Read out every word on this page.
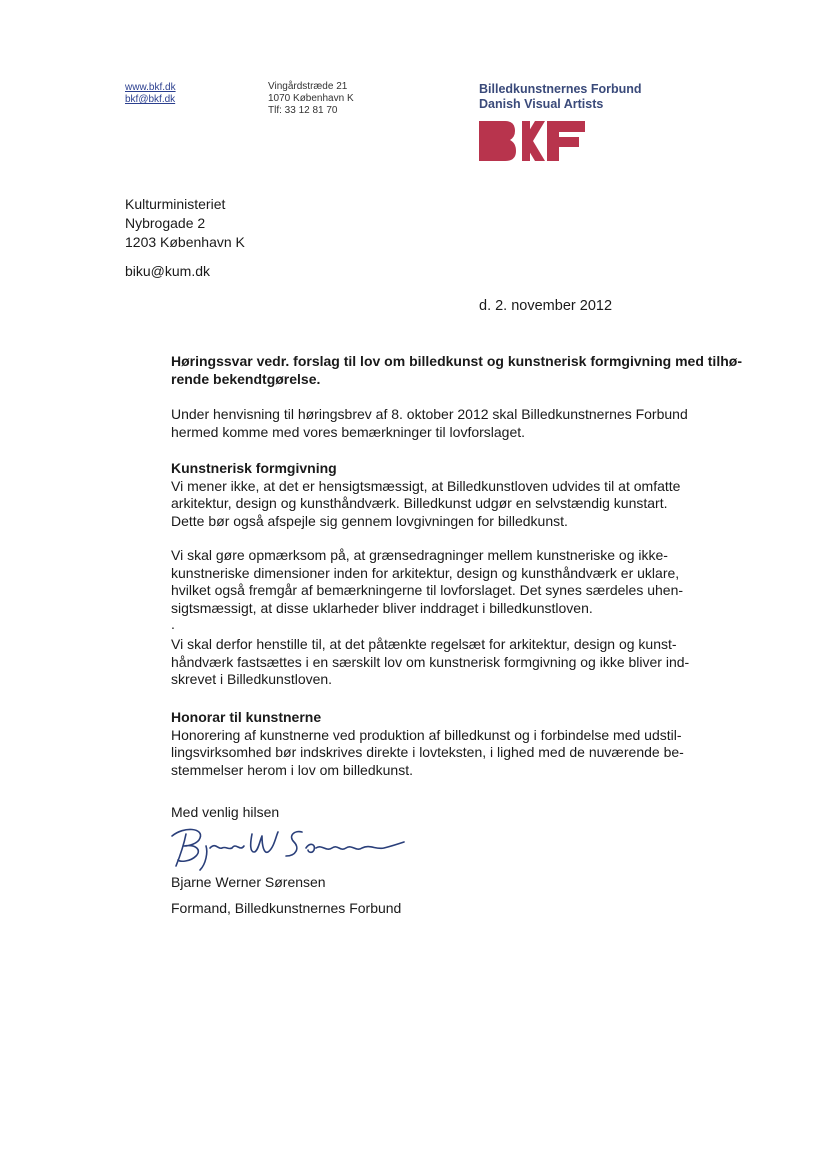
www.bkf.dk
bkf@bkf.dk
Vingårdstræde 21
1070 København K
Tlf: 33 12 81 70
Billedkunstnernes Forbund
Danish Visual Artists
Kulturministeriet
Nybrogade 2
1203 København K
biku@kum.dk
d. 2. november 2012
Høringssvar vedr. forslag til lov om billedkunst og kunstnerisk formgivning med tilhø-
rende bekendtgørelse.
Under henvisning til høringsbrev af 8. oktober 2012 skal Billedkunstnernes Forbund
hermed komme med vores bemærkninger til lovforslaget.
Kunstnerisk formgivning
Vi mener ikke, at det er hensigtsmæssigt, at Billedkunstloven udvides til at omfatte
arkitektur, design og kunsthåndværk. Billedkunst udgør en selvstændig kunstart.
Dette bør også afspejle sig gennem lovgivningen for billedkunst.
Vi skal gøre opmærksom på, at grænsedragninger mellem kunstneriske og ikke-
kunstneriske dimensioner inden for arkitektur, design og kunsthåndværk er uklare,
hvilket også fremgår af bemærkningerne til lovforslaget. Det synes særdeles uhen-
sigtsmæssigt, at disse uklarheder bliver inddraget i billedkunstloven.
.
Vi skal derfor henstille til, at det påtænkte regelsæt for arkitektur, design og kunst-
håndværk fastsættes i en særskilt lov om kunstnerisk formgivning og ikke bliver ind-
skrevet i Billedkunstloven.
Honorar til kunstnerne
Honorering af kunstnerne ved produktion af billedkunst og i forbindelse med udstil-
lingsvirksomhed bør indskrives direkte i lovteksten, i lighed med de nuværende be-
stemmelser herom i lov om billedkunst.
Med venlig hilsen
Bjarne Werner Sørensen
Formand, Billedkunstnernes Forbund
